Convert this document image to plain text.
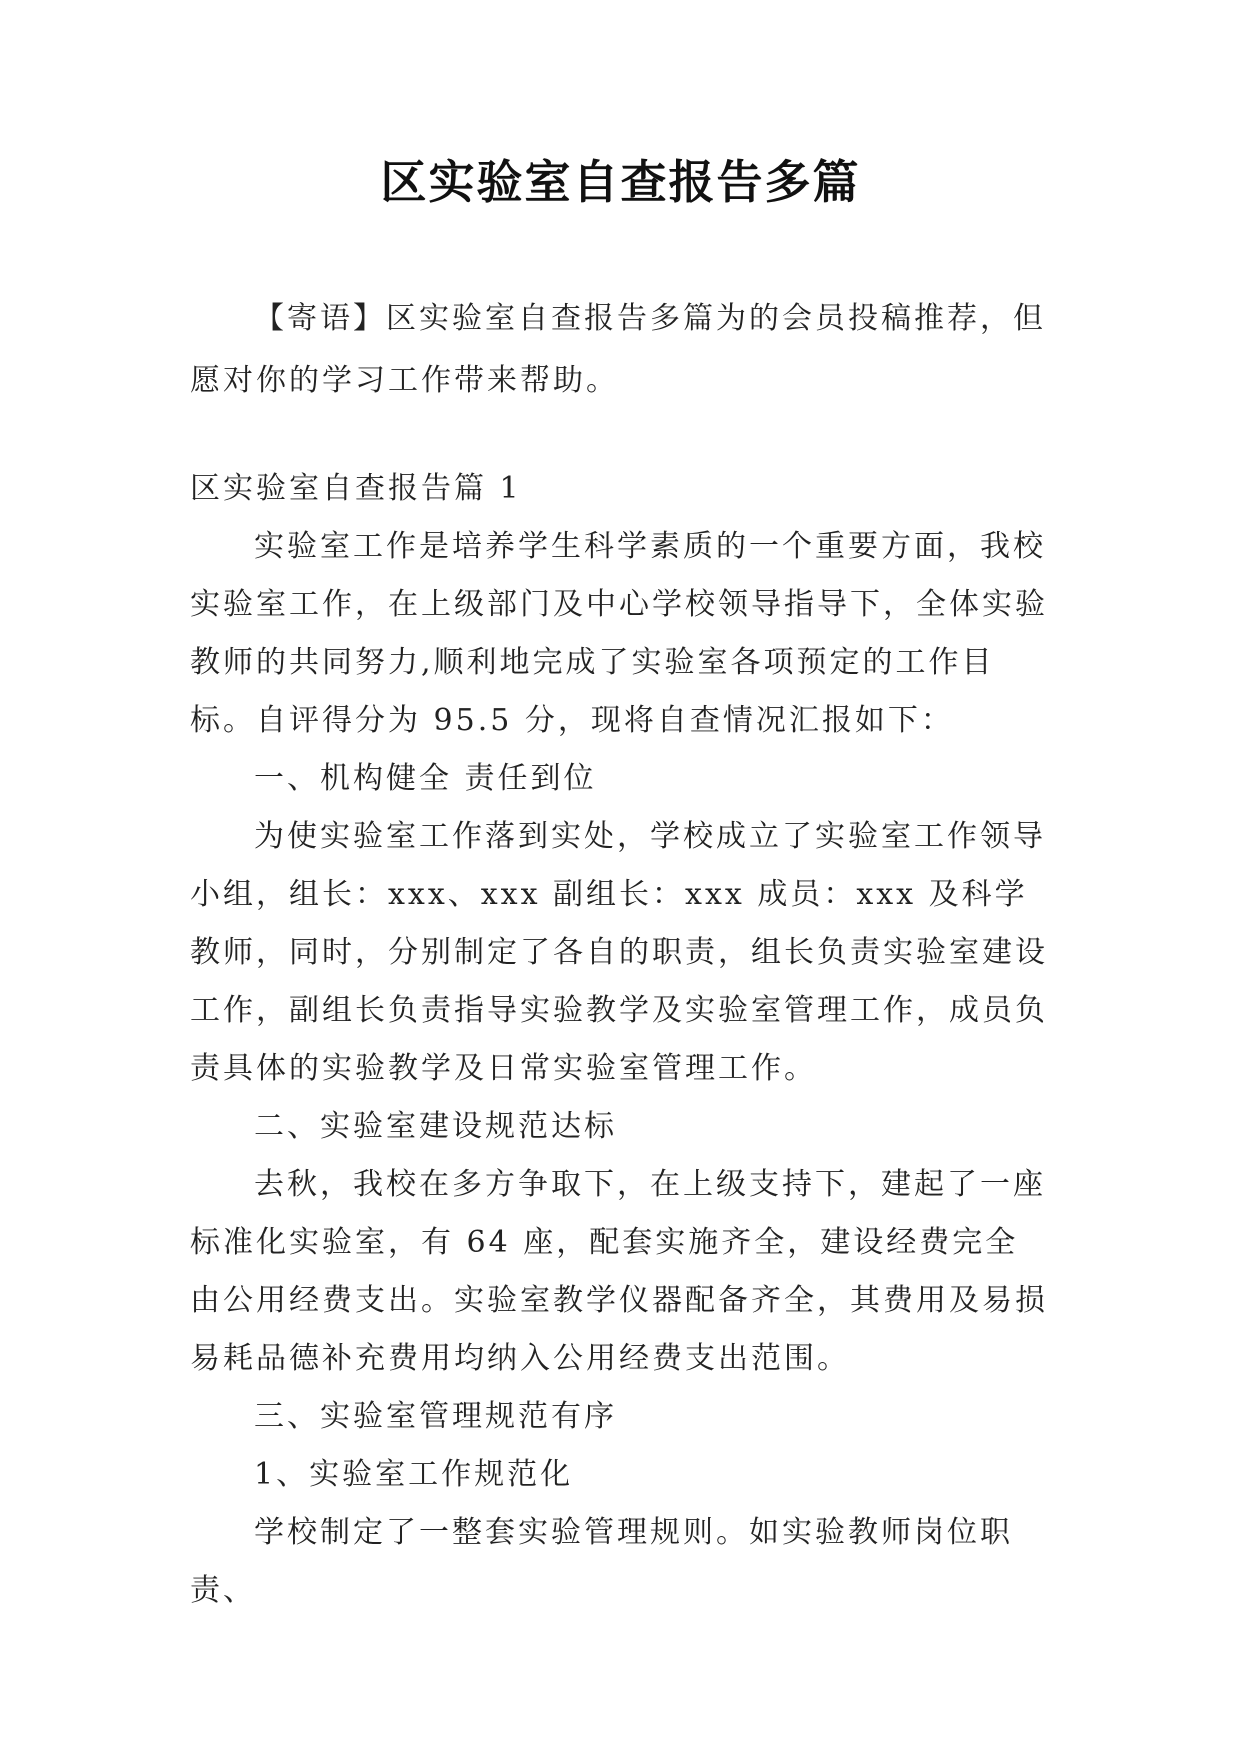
区实验室自查报告多篇

【寄语】区实验室自查报告多篇为的会员投稿推荐，但愿对你的学习工作带来帮助。

区实验室自查报告篇 1

实验室工作是培养学生科学素质的一个重要方面，我校实验室工作，在上级部门及中心学校领导指导下，全体实验教师的共同努力,顺利地完成了实验室各项预定的工作目标。自评得分为 95.5 分，现将自查情况汇报如下：

一、机构健全 责任到位

为使实验室工作落到实处，学校成立了实验室工作领导小组，组长：xxx、xxx 副组长：xxx 成员：xxx 及科学教师，同时，分别制定了各自的职责，组长负责实验室建设工作，副组长负责指导实验教学及实验室管理工作，成员负责具体的实验教学及日常实验室管理工作。

二、实验室建设规范达标

去秋，我校在多方争取下，在上级支持下，建起了一座标准化实验室，有 64 座，配套实施齐全，建设经费完全由公用经费支出。实验室教学仪器配备齐全，其费用及易损易耗品德补充费用均纳入公用经费支出范围。

三、实验室管理规范有序

1、实验室工作规范化

学校制定了一整套实验管理规则。如实验教师岗位职责、
